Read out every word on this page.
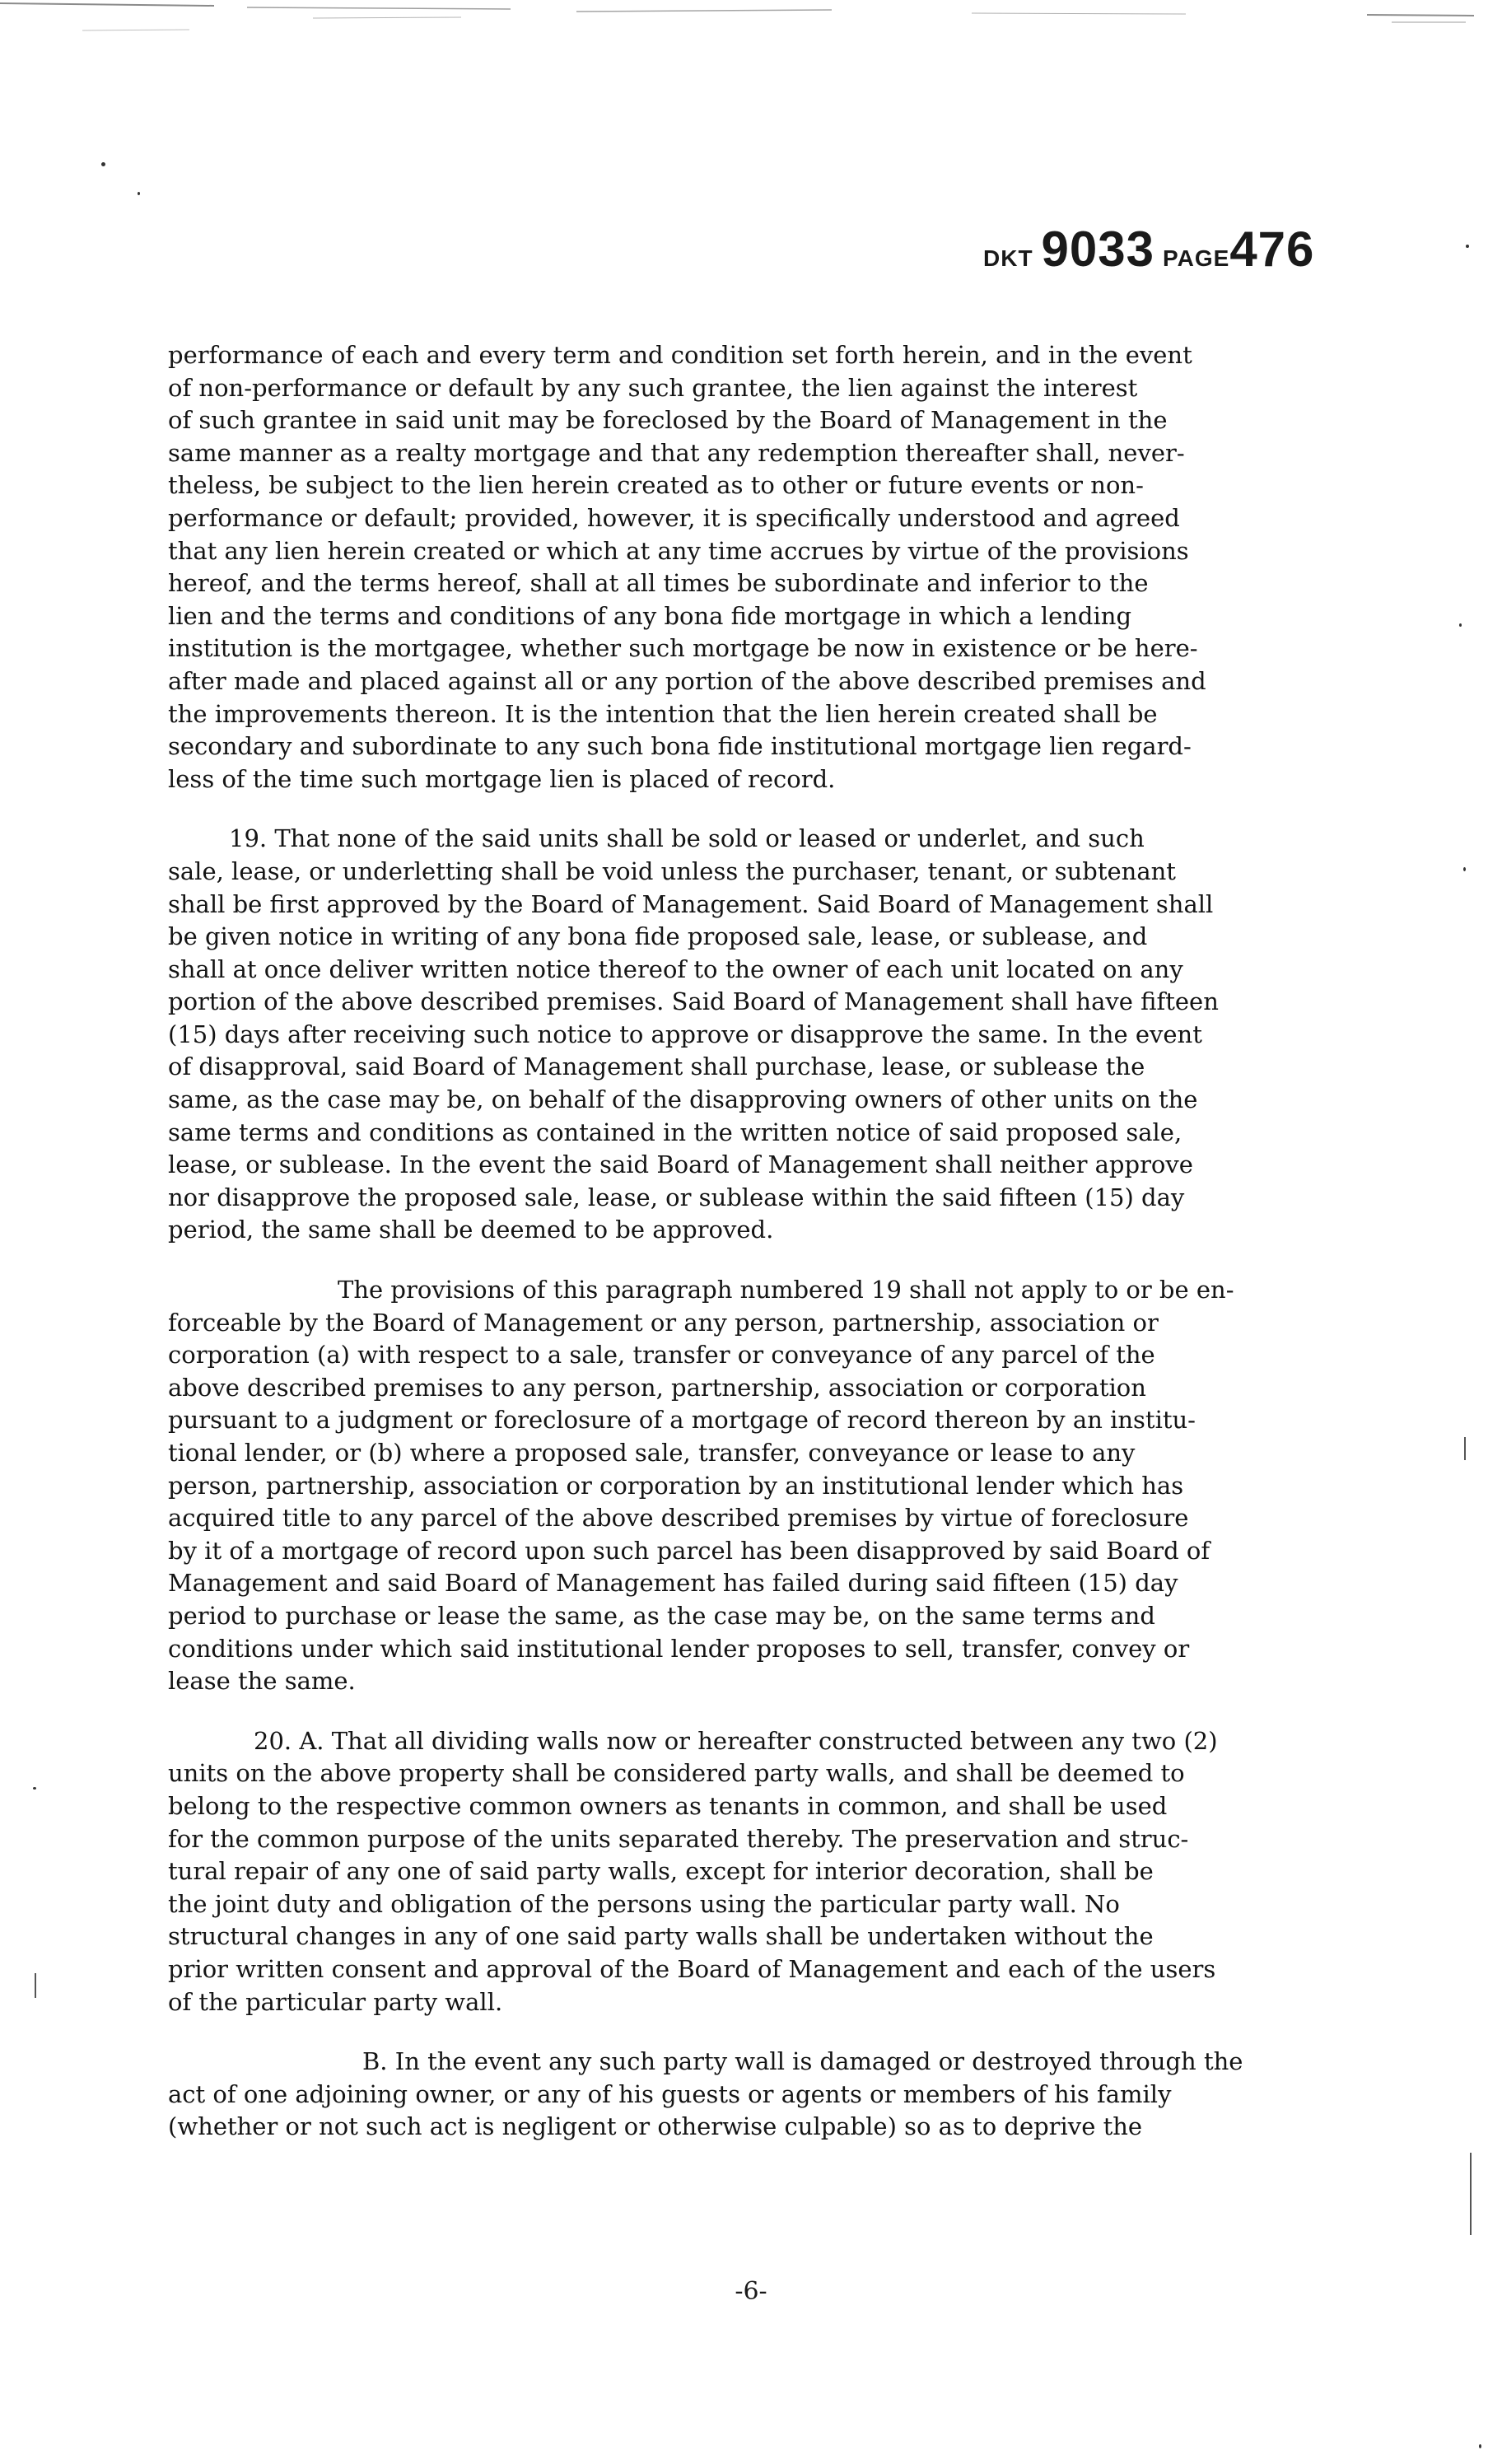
DKT 9033 PAGE476
performance of each and every term and condition set forth herein, and in the event
of non-performance or default by any such grantee, the lien against the interest
of such grantee in said unit may be foreclosed by the Board of Management in the
same manner as a realty mortgage and that any redemption thereafter shall, never-
theless, be subject to the lien herein created as to other or future events or non-
performance or default; provided, however, it is specifically understood and agreed
that any lien herein created or which at any time accrues by virtue of the provisions
hereof, and the terms hereof, shall at all times be subordinate and inferior to the
lien and the terms and conditions of any bona fide mortgage in which a lending
institution is the mortgagee, whether such mortgage be now in existence or be here-
after made and placed against all or any portion of the above described premises and
the improvements thereon. It is the intention that the lien herein created shall be
secondary and subordinate to any such bona fide institutional mortgage lien regard-
less of the time such mortgage lien is placed of record.
19. That none of the said units shall be sold or leased or underlet, and such
sale, lease, or underletting shall be void unless the purchaser, tenant, or subtenant
shall be first approved by the Board of Management. Said Board of Management shall
be given notice in writing of any bona fide proposed sale, lease, or sublease, and
shall at once deliver written notice thereof to the owner of each unit located on any
portion of the above described premises. Said Board of Management shall have fifteen
(15) days after receiving such notice to approve or disapprove the same. In the event
of disapproval, said Board of Management shall purchase, lease, or sublease the
same, as the case may be, on behalf of the disapproving owners of other units on the
same terms and conditions as contained in the written notice of said proposed sale,
lease, or sublease. In the event the said Board of Management shall neither approve
nor disapprove the proposed sale, lease, or sublease within the said fifteen (15) day
period, the same shall be deemed to be approved.
The provisions of this paragraph numbered 19 shall not apply to or be en-
forceable by the Board of Management or any person, partnership, association or
corporation (a) with respect to a sale, transfer or conveyance of any parcel of the
above described premises to any person, partnership, association or corporation
pursuant to a judgment or foreclosure of a mortgage of record thereon by an institu-
tional lender, or (b) where a proposed sale, transfer, conveyance or lease to any
person, partnership, association or corporation by an institutional lender which has
acquired title to any parcel of the above described premises by virtue of foreclosure
by it of a mortgage of record upon such parcel has been disapproved by said Board of
Management and said Board of Management has failed during said fifteen (15) day
period to purchase or lease the same, as the case may be, on the same terms and
conditions under which said institutional lender proposes to sell, transfer, convey or
lease the same.
20. A. That all dividing walls now or hereafter constructed between any two (2)
units on the above property shall be considered party walls, and shall be deemed to
belong to the respective common owners as tenants in common, and shall be used
for the common purpose of the units separated thereby. The preservation and struc-
tural repair of any one of said party walls, except for interior decoration, shall be
the joint duty and obligation of the persons using the particular party wall. No
structural changes in any of one said party walls shall be undertaken without the
prior written consent and approval of the Board of Management and each of the users
of the particular party wall.
B. In the event any such party wall is damaged or destroyed through the
act of one adjoining owner, or any of his guests or agents or members of his family
(whether or not such act is negligent or otherwise culpable) so as to deprive the
-6-
